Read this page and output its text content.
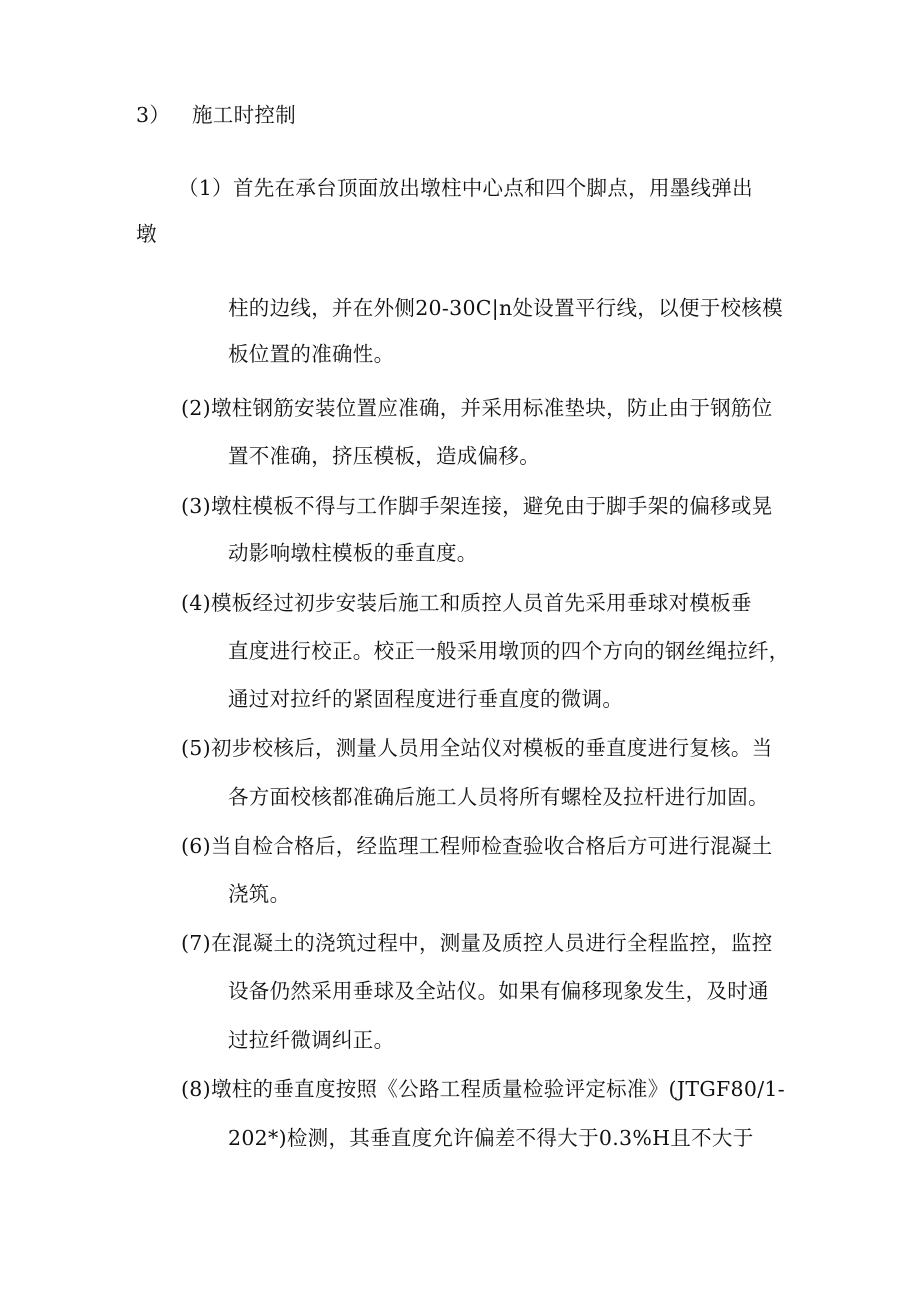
3） 施工时控制
（1）首先在承台顶面放出墩柱中心点和四个脚点，用墨线弹出
墩
柱的边线，并在外侧20-30C|n处设置平行线，以便于校核模
板位置的准确性。
(2)墩柱钢筋安装位置应准确，并采用标准垫块，防止由于钢筋位
置不准确，挤压模板，造成偏移。
(3)墩柱模板不得与工作脚手架连接，避免由于脚手架的偏移或晃
动影响墩柱模板的垂直度。
(4)模板经过初步安装后施工和质控人员首先采用垂球对模板垂
直度进行校正。校正一般采用墩顶的四个方向的钢丝绳拉纤，
通过对拉纤的紧固程度进行垂直度的微调。
(5)初步校核后，测量人员用全站仪对模板的垂直度进行复核。当
各方面校核都准确后施工人员将所有螺栓及拉杆进行加固。
(6)当自检合格后，经监理工程师检查验收合格后方可进行混凝土
浇筑。
(7)在混凝土的浇筑过程中，测量及质控人员进行全程监控，监控
设备仍然采用垂球及全站仪。如果有偏移现象发生，及时通
过拉纤微调纠正。
(8)墩柱的垂直度按照《公路工程质量检验评定标准》(JTGF80/1-
202*)检测，其垂直度允许偏差不得大于0.3%H且不大于
